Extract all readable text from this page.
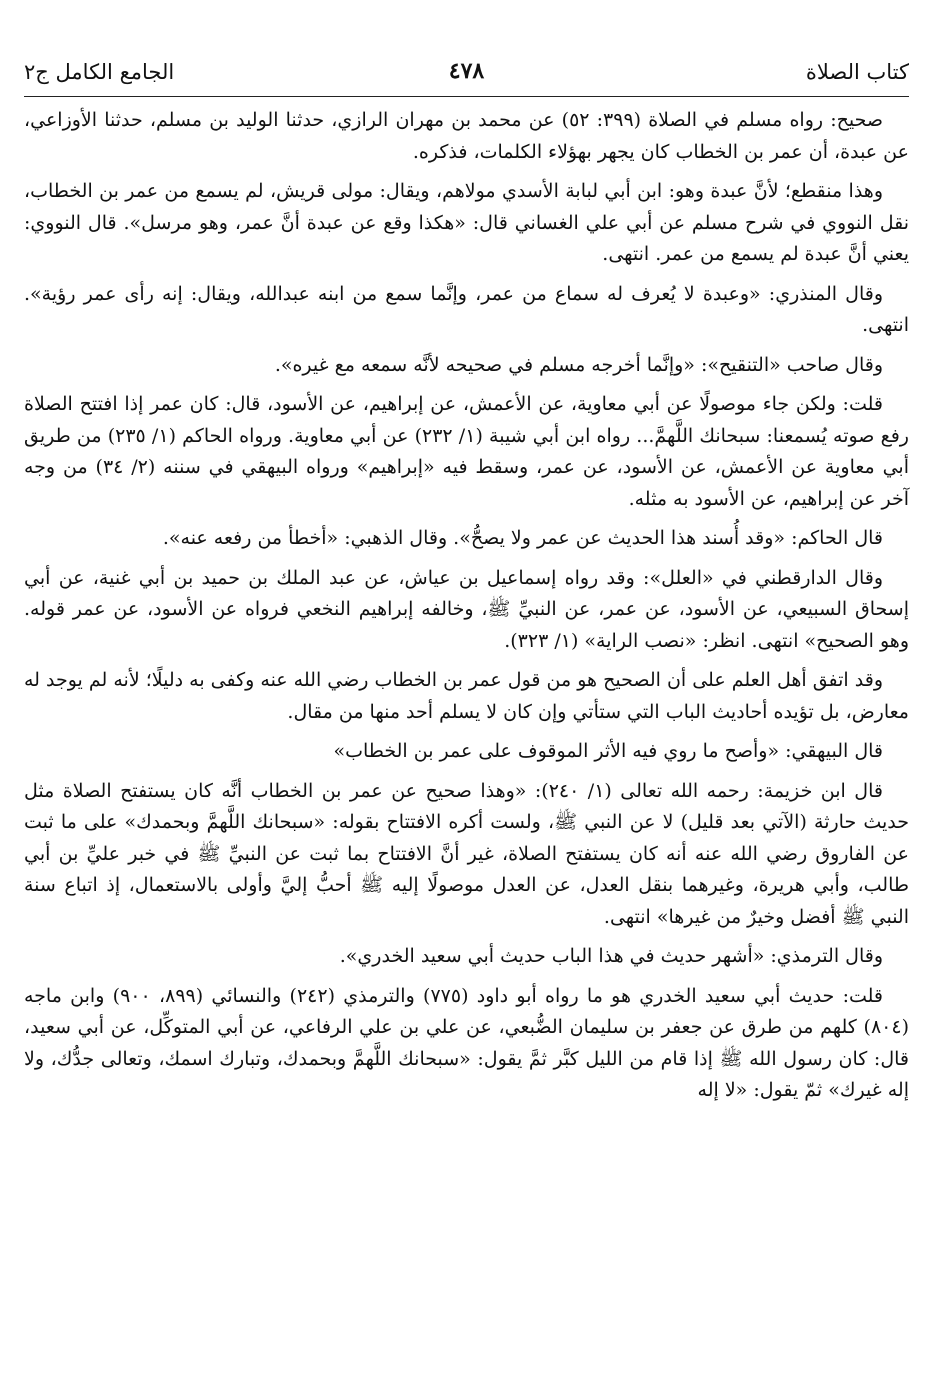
كتاب الصلاة
٤٧٨
الجامع الكامل ج٢

صحيح: رواه مسلم في الصلاة (٣٩٩: ٥٢) عن محمد بن مهران الرازي، حدثنا الوليد بن مسلم، حدثنا الأوزاعي، عن عبدة، أن عمر بن الخطاب كان يجهر بهؤلاء الكلمات، فذكره.

وهذا منقطع؛ لأنَّ عبدة وهو: ابن أبي لبابة الأسدي مولاهم، ويقال: مولى قريش، لم يسمع من عمر بن الخطاب، نقل النووي في شرح مسلم عن أبي علي الغساني قال: «هكذا وقع عن عبدة أنَّ عمر، وهو مرسل». قال النووي: يعني أنَّ عبدة لم يسمع من عمر. انتهى.

وقال المنذري: «وعبدة لا يُعرف له سماع من عمر، وإنَّما سمع من ابنه عبدالله، ويقال: إنه رأى عمر رؤية». انتهى.

وقال صاحب «التنقيح»: «وإنَّما أخرجه مسلم في صحيحه لأنَّه سمعه مع غيره».

قلت: ولكن جاء موصولًا عن أبي معاوية، عن الأعمش، عن إبراهيم، عن الأسود، قال: كان عمر إذا افتتح الصلاة رفع صوته يُسمعنا: سبحانك اللَّهمَّ... رواه ابن أبي شيبة (١/ ٢٣٢) عن أبي معاوية. ورواه الحاكم (١/ ٢٣٥) من طريق أبي معاوية عن الأعمش، عن الأسود، عن عمر، وسقط فيه «إبراهيم» ورواه البيهقي في سننه (٢/ ٣٤) من وجه آخر عن إبراهيم، عن الأسود به مثله.

قال الحاكم: «وقد أُسند هذا الحديث عن عمر ولا يصحُّ». وقال الذهبي: «أخطأ من رفعه عنه».

وقال الدارقطني في «العلل»: وقد رواه إسماعيل بن عياش، عن عبد الملك بن حميد بن أبي غنية، عن أبي إسحاق السبيعي، عن الأسود، عن عمر، عن النبيِّ ﷺ، وخالفه إبراهيم النخعي فرواه عن الأسود، عن عمر قوله. وهو الصحيح» انتهى. انظر: «نصب الراية» (١/ ٣٢٣).

وقد اتفق أهل العلم على أن الصحيح هو من قول عمر بن الخطاب رضي الله عنه وكفى به دليلًا؛ لأنه لم يوجد له معارض، بل تؤيده أحاديث الباب التي ستأتي وإن كان لا يسلم أحد منها من مقال.

قال البيهقي: «وأصح ما روي فيه الأثر الموقوف على عمر بن الخطاب»

قال ابن خزيمة: رحمه الله تعالى (١/ ٢٤٠): «وهذا صحيح عن عمر بن الخطاب أنَّه كان يستفتح الصلاة مثل حديث حارثة (الآتي بعد قليل) لا عن النبي ﷺ، ولست أكره الافتتاح بقوله: «سبحانك اللَّهمَّ وبحمدك» على ما ثبت عن الفاروق رضي الله عنه أنه كان يستفتح الصلاة، غير أنَّ الافتتاح بما ثبت عن النبيِّ ﷺ في خبر عليِّ بن أبي طالب، وأبي هريرة، وغيرهما بنقل العدل، عن العدل موصولًا إليه ﷺ أحبُّ إليَّ وأولى بالاستعمال، إذ اتباع سنة النبي ﷺ أفضل وخيرٌ من غيرها» انتهى.

وقال الترمذي: «أشهر حديث في هذا الباب حديث أبي سعيد الخدري».

قلت: حديث أبي سعيد الخدري هو ما رواه أبو داود (٧٧٥) والترمذي (٢٤٢) والنسائي (٨٩٩، ٩٠٠) وابن ماجه (٨٠٤) كلهم من طرق عن جعفر بن سليمان الضُّبعي، عن علي بن علي الرفاعي، عن أبي المتوكِّل، عن أبي سعيد، قال: كان رسول الله ﷺ إذا قام من الليل كبَّر ثمَّ يقول: «سبحانك اللَّهمَّ وبحمدك، وتبارك اسمك، وتعالى جدُّك، ولا إله غيرك» ثمّ يقول: «لا إله
